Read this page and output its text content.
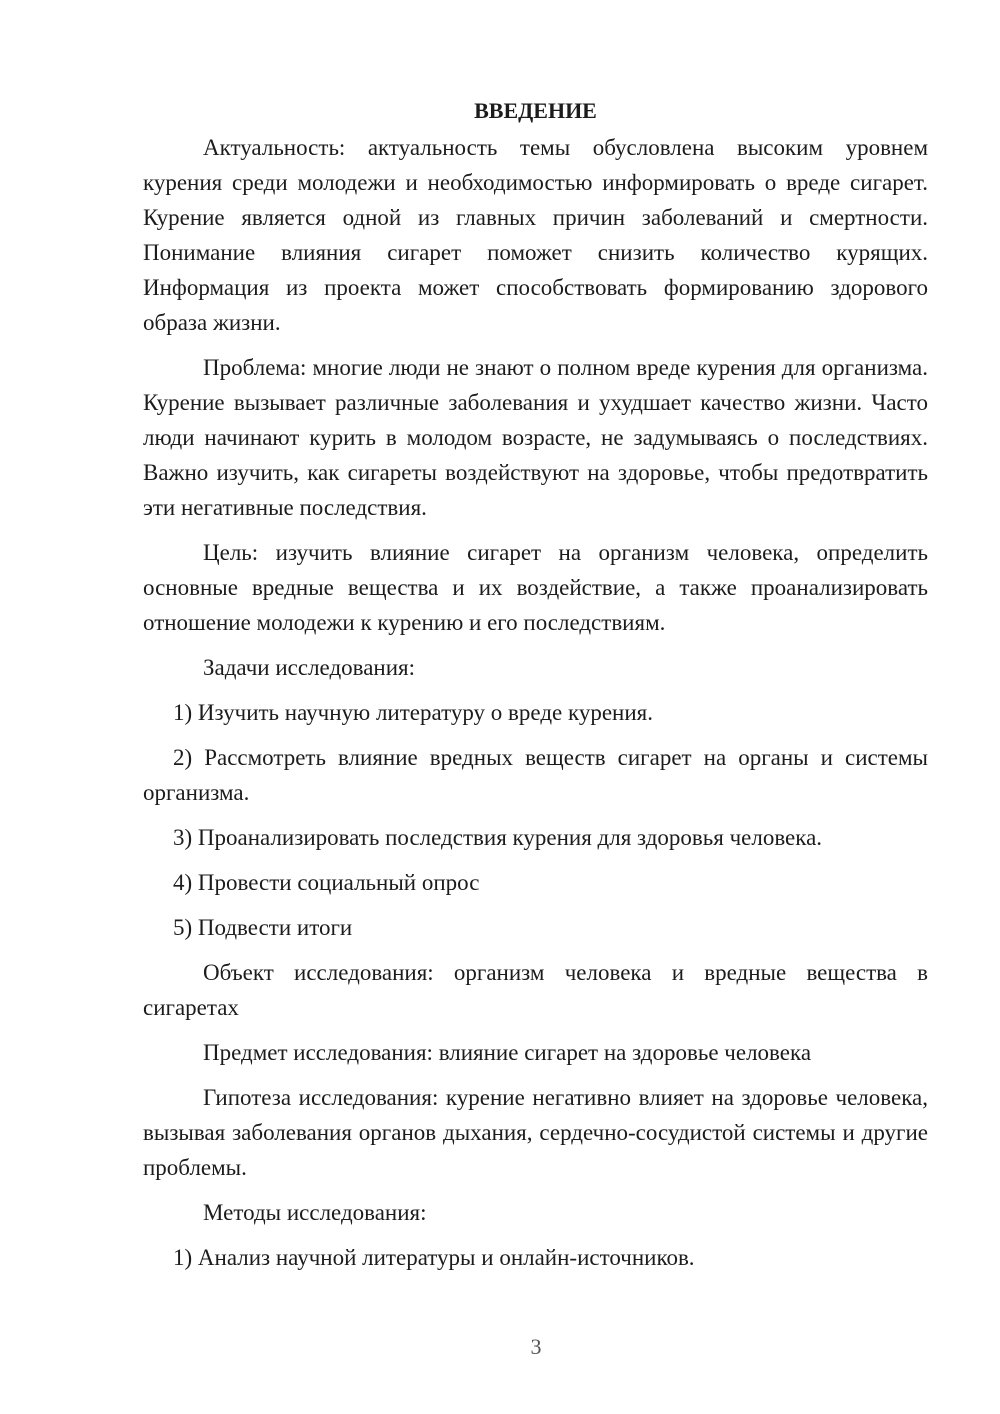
ВВЕДЕНИЕ

Актуальность: актуальность темы обусловлена высоким уровнем курения среди молодежи и необходимостью информировать о вреде сигарет. Курение является одной из главных причин заболеваний и смертности. Понимание влияния сигарет поможет снизить количество курящих. Информация из проекта может способствовать формированию здорового образа жизни.

Проблема: многие люди не знают о полном вреде курения для организма. Курение вызывает различные заболевания и ухудшает качество жизни. Часто люди начинают курить в молодом возрасте, не задумываясь о последствиях. Важно изучить, как сигареты воздействуют на здоровье, чтобы предотвратить эти негативные последствия.

Цель: изучить влияние сигарет на организм человека, определить основные вредные вещества и их воздействие, а также проанализировать отношение молодежи к курению и его последствиям.

Задачи исследования:

1) Изучить научную литературу о вреде курения.

2) Рассмотреть влияние вредных веществ сигарет на органы и системы организма.

3) Проанализировать последствия курения для здоровья человека.

4) Провести социальный опрос

5) Подвести итоги

Объект исследования: организм человека и вредные вещества в сигаретах

Предмет исследования: влияние сигарет на здоровье человека

Гипотеза исследования: курение негативно влияет на здоровье человека, вызывая заболевания органов дыхания, сердечно-сосудистой системы и другие проблемы.

Методы исследования:

1) Анализ научной литературы и онлайн-источников.

3
